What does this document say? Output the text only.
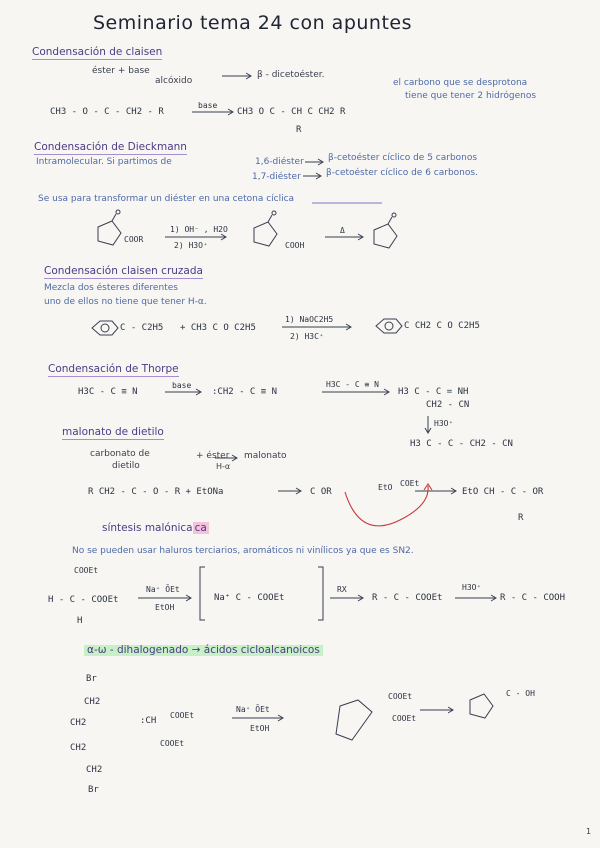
Seminario tema 24 con apuntes
Condensación de claisen
éster + base
alcóxido
β - dicetoéster.
CH3 - O - C - CH2 - R
base
CH3 O C - CH C CH2 R
R
el carbono que se desprotona
tiene que tener 2 hidrógenos
Condensación de Dieckmann
Intramolecular. Si partimos de	1,6-diéster	β-cetoéster cíclico de 5 carbonos
1,7-diéster	β-cetoéster cíclico de 6 carbonos.
Se usa para transformar un diéster en una cetona cíclica
COOR
1) OH⁻ , H2O
2) H3O⁺	COOH
Δ
Condensación claisen cruzada
Mezcla dos ésteres diferentes
uno de ellos no tiene que tener H-α.
C - C2H5 + CH3 C O C2H5
1) NaOC2H5
2) H3C⁺
C CH2 C O C2H5
Condensación de Thorpe
H3C - C ≡ N
base
:CH2 - C ≡ N
H3C - C ≡ N
H3 C - C = NH
CH2 - CN
H3O⁺
H3 C - C - CH2 - CN
malonato de dietilo
carbonato de
dietilo
+ éster
H-α
malonato
R CH2 - C - O - R + EtONa	C OR	EtO COEt
EtO CH - C - OR
R
síntesis malónica ca
No se pueden usar haluros terciarios, aromáticos ni vinílicos ya que es SN2.
COOEt
H - C - COOEt
H
Na⁺ ŌEt
EtOH
Na⁺ C - COOEt
RX
R - C - COOEt
H3O⁺
R - C - COOH
α-ω - dihalogenado → ácidos cicloalcanoicos
Br
CH2
CH2
CH2
CH2
Br
:CH
COOEt
COOEt
Na⁺ ŌEt
EtOH
COOEt
COOEt
C - OH
1
